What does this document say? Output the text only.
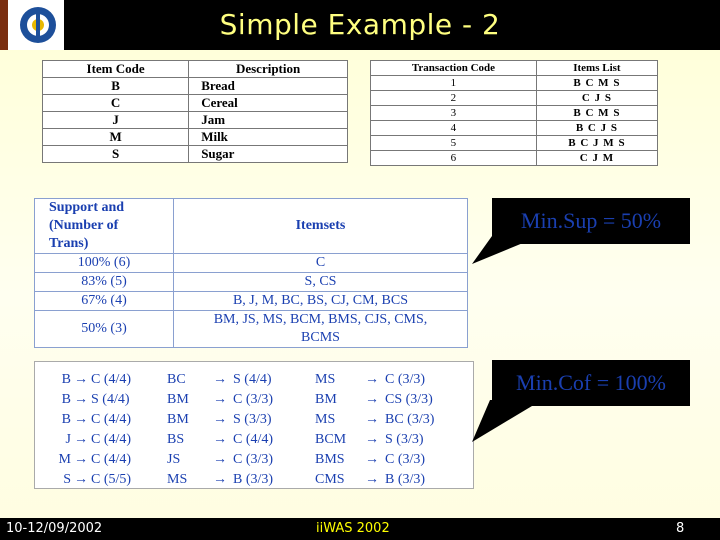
Simple Example - 2
Item Code	Description
B	Bread
C	Cereal
J	Jam
M	Milk
S	Sugar
Transaction Code	Items List
1	B C M S
2	C J S
3	B C M S
4	B C J S
5	B C J M S
6	C J M
Support and
(Number of
Trans)	Itemsets
100% (6)	C
83% (5)	S, CS
67% (4)	B, J, M, BC, BS, CJ, CM, BCS
50% (3)	BM, JS, MS, BCM, BMS, CJS, CMS, BCMS
B → C (4/4)
B → S (4/4)
B → C (4/4)
J → C (4/4)
M → C (4/4)
S → C (5/5)
BC → S (4/4)
BM → C (3/3)
BM → S (3/3)
BS → C (4/4)
JS → C (3/3)
MS → B (3/3)
MS → C (3/3)
BM → CS (3/3)
MS → BC (3/3)
BCM → S (3/3)
BMS → C (3/3)
CMS → B (3/3)
Min.Sup = 50%
Min.Cof = 100%
10-12/09/2002	iiWAS 2002	8
